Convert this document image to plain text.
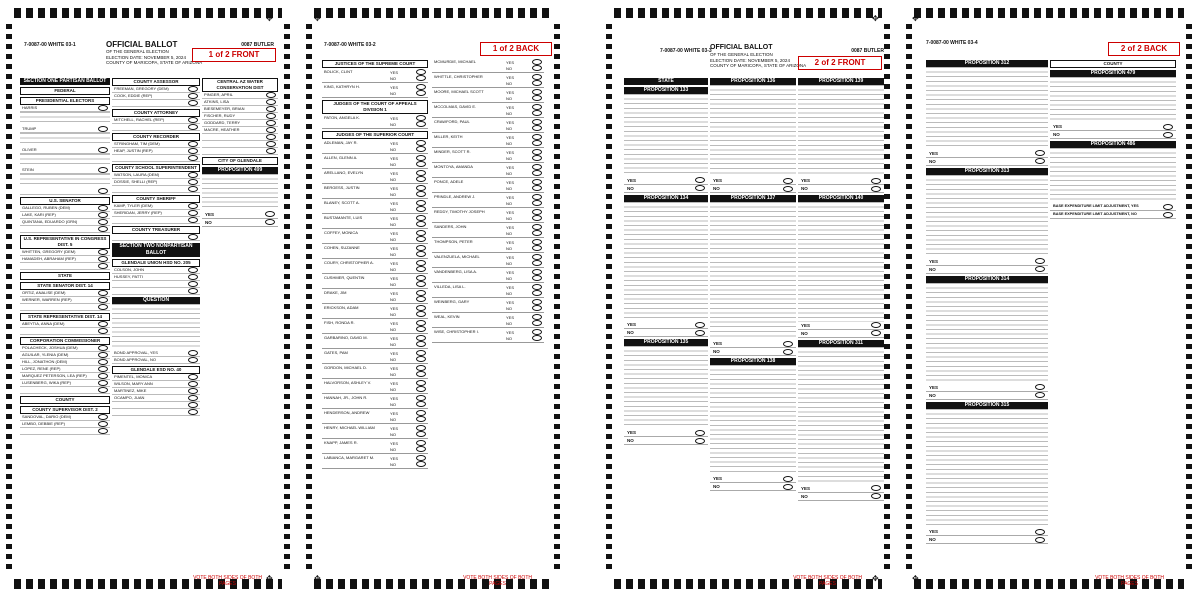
7-0087-00 WHITE 03-1	0087 BUTLER
OFFICIAL BALLOT
OF THE GENERAL ELECTION
ELECTION DATE: NOVEMBER 5, 2024
COUNTY OF MARICOPA, STATE OF ARIZONA
1 of 2 FRONT
VOTE BOTH SIDES OF BOTH
PAGES
SECTION ONE PARTISAN BALLOT
FEDERAL
PRESIDENTIAL ELECTORS
HARRIS
TRUMP
OLIVER
STEIN
U.S. SENATOR
GALLEGO, RUBEN (DEM)
LAKE, KARI (REP)
QUINTANA, EDUARDO (GRN)
U.S. REPRESENTATIVE IN CONGRESS DIST. 5
WHITTEN, GREGORY (DEM)
HAMADEH, ABRAHAM (REP)
STATE
STATE SENATOR DIST. 14
ORTIZ, ANALISE (DEM)
WERNER, WARREN (REP)
STATE REPRESENTATIVE DIST. 14
ABEYTIA, ANNA (DEM)
CORPORATION COMMISSIONER
POLACHECK, JOSHUA (DEM)
AGUILAR, YLENIA (DEM)
HILL, JONATHON (DEM)
LOPEZ, RENE (REP)
MARQUEZ PETERSON, LEA (REP)
LUSENBERG, WIKA (REP)
COUNTY
COUNTY SUPERVISOR DIST. 2
SANDOVAL, DARIO (DEM)
LEMBO, DEBBIE (REP)
COUNTY ASSESSOR
FREEMAN, GREGORY (DEM)
COOK, EDDIE (REP)
COUNTY ATTORNEY
MITCHELL, RACHEL (REP)
COUNTY RECORDER
STRINGHAM, TIM (DEM)
HEAP, JUSTIN (REP)
COUNTY SCHOOL SUPERINTENDENT
WATSON, LAURA (DEM)
DOSSIE, SHELLI (REP)
COUNTY SHERIFF
KAMP, TYLER (DEM)
SHERIDAN, JERRY (REP)
COUNTY TREASURER
SECTION TWO NONPARTISAN BALLOT
GLENDALE UNION HSD NO. 205
COLSON, JOHN
HUSSEY, PATTI
QUESTION
BOND APPROVAL, YES
BOND APPROVAL, NO
GLENDALE ESD NO. 40
PIMENTEL, MONICA
WILSON, MARY ANN
MARTINEZ, MIKE
OCAMPO, JUAN
CENTRAL AZ WATER CONSERVATION DIST
PINGER, APRIL
ATKINS, LISA
BIESEMEYER, BRIAN
FISCHER, RUDY
GODDARD, TERRY
MACRE, HEATHER
CITY OF GLENDALE
PROPOSITION 499
YES
NO
✥
✥
7-0087-00 WHITE 03-2	1 of 2 BACK
VOTE BOTH SIDES OF BOTH
PAGES
JUSTICES OF THE SUPREME COURT
BOLICK, CLINT	YES
NO
KING, KATHRYN H.	YES
NO
JUDGES OF THE COURT OF APPEALS DIVISION 1
PATON, ANGELA K.	YES
NO
JUDGES OF THE SUPERIOR COURT
ADLEMAN, JAY R.	YES
NO
ALLEN, GLENN A.	YES
NO
ARELLANO, EVELYN	YES
NO
BERGESS, JUSTIN	YES
NO
BLANEY, SCOTT A.	YES
NO
BUSTAMANTE, LUIS	YES
NO
COFFEY, MONICA	YES
NO
COHEN, SUZANNE	YES
NO
COURY, CHRISTOPHER A.	YES
NO
CUSHMER, QUENTIN	YES
NO
DRAKE, JIM	YES
NO
ERICKSON, ADAM	YES
NO
FISH, RONDA R.	YES
NO
GARBARINO, DAVID M.	YES
NO
GATES, PAM	YES
NO
GORDON, MICHAEL D.	YES
NO
HALVORSON, ASHLEY V.	YES
NO
HANNAH, JR., JOHN R.	YES
NO
HENDERSON, ANDREW	YES
NO
HENRY, MICHAEL WILLIAM	YES
NO
KNAPP, JAMES R.	YES
NO
LABIANCA, MARGARET M.	YES
NO
MCMURDIE, MICHAEL	YES
NO
WHITTLE, CHRISTOPHER	YES
NO
MOORE, MICHAEL SCOTT	YES
NO
MCCOLMAS, DAVID E.	YES
NO
CRAWFORD, PAUL	YES
NO
MILLER, KEITH	YES
NO
MINDER, SCOTT R.	YES
NO
MONTOYA, AMANDA	YES
NO
PONCE, ADELE	YES
NO
PRINDLE, ANDREW J.	YES
NO
REDDY, TIMOTHY JOSEPH	YES
NO
SANDERS, JOHN	YES
NO
THOMPSON, PETER	YES
NO
VALENZUELA, MICHAEL	YES
NO
VANDENBERG, LISA A.	YES
NO
VILLEDA, LISA L.	YES
NO
WEINBERG, GARY	YES
NO
WEAL, KEVIN	YES
NO
WISE, CHRISTOPHER I.	YES
NO
✥
✥
7-0087-00 WHITE 03-3	0087 BUTLER
OFFICIAL BALLOT
OF THE GENERAL ELECTION
ELECTION DATE: NOVEMBER 5, 2024
COUNTY OF MARICOPA, STATE OF ARIZONA	2 of 2 FRONT
VOTE BOTH SIDES OF BOTH
PAGES
STATE
PROPOSITION 133
YES
NO
PROPOSITION 134
YES
NO
PROPOSITION 135
YES
NO
PROPOSITION 136
YES
NO
PROPOSITION 137
YES
NO
PROPOSITION 138
YES
NO
PROPOSITION 139
YES
NO
PROPOSITION 140
YES
NO
PROPOSITION 311
YES
NO
✥
✥
7-0087-00 WHITE 03-4
2 of 2 BACK
VOTE BOTH SIDES OF BOTH
PAGES
PROPOSITION 312
YES
NO
PROPOSITION 313
YES
NO
PROPOSITION 314
YES
NO
PROPOSITION 315
YES
NO
COUNTY
PROPOSITION 479
YES
NO
PROPOSITION 486
BASE EXPENDITURE LIMIT ADJUSTMENT, YES
BASE EXPENDITURE LIMIT ADJUSTMENT, NO
✥
✥
